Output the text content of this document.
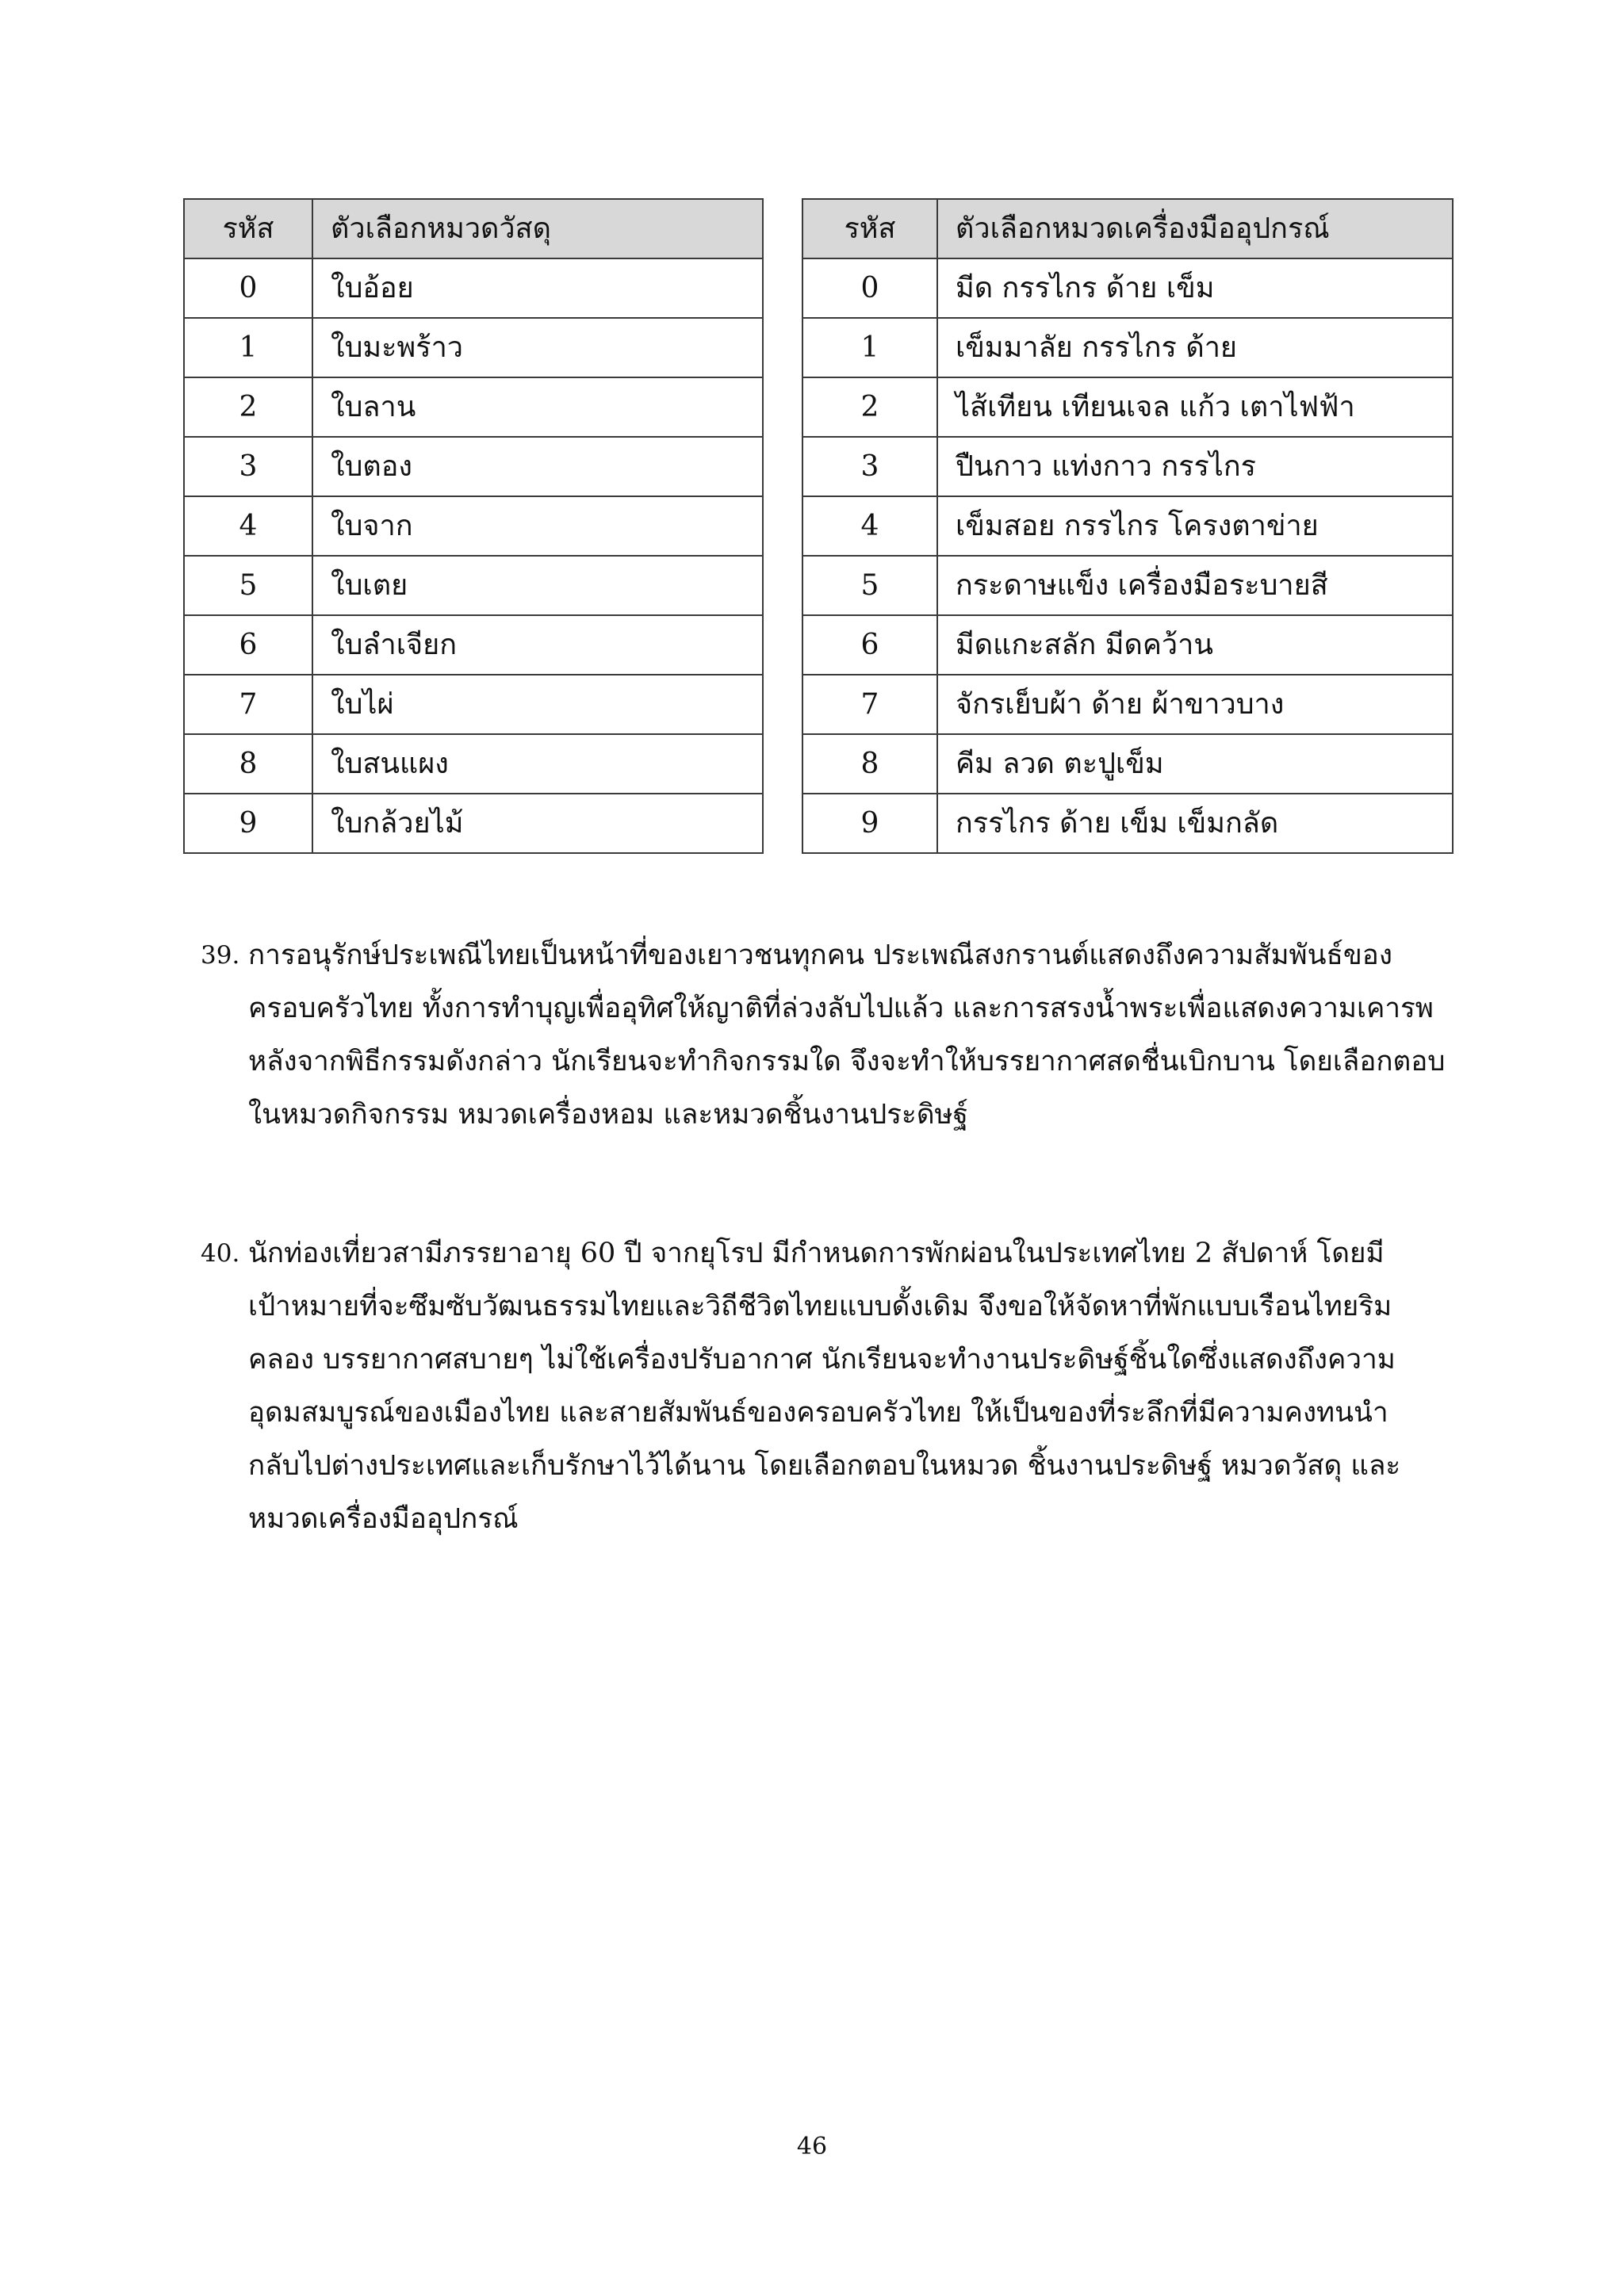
รหัส	ตัวเลือกหมวดวัสดุ
0	ใบอ้อย
1	ใบมะพร้าว
2	ใบลาน
3	ใบตอง
4	ใบจาก
5	ใบเตย
6	ใบลำเจียก
7	ใบไผ่
8	ใบสนแผง
9	ใบกล้วยไม้
รหัส	ตัวเลือกหมวดเครื่องมืออุปกรณ์
0	มีด กรรไกร ด้าย เข็ม
1	เข็มมาลัย กรรไกร ด้าย
2	ไส้เทียน เทียนเจล แก้ว เตาไฟฟ้า
3	ปืนกาว แท่งกาว กรรไกร
4	เข็มสอย กรรไกร โครงตาข่าย
5	กระดาษแข็ง เครื่องมือระบายสี
6	มีดแกะสลัก มีดคว้าน
7	จักรเย็บผ้า ด้าย ผ้าขาวบาง
8	คีม ลวด ตะปูเข็ม
9	กรรไกร ด้าย เข็ม เข็มกลัด
39. การอนุรักษ์ประเพณีไทยเป็นหน้าที่ของเยาวชนทุกคน ประเพณีสงกรานต์แสดงถึงความสัมพันธ์ของ
ครอบครัวไทย ทั้งการทำบุญเพื่ออุทิศให้ญาติที่ล่วงลับไปแล้ว และการสรงน้ำพระเพื่อแสดงความเคารพ
หลังจากพิธีกรรมดังกล่าว นักเรียนจะทำกิจกรรมใด จึงจะทำให้บรรยากาศสดชื่นเบิกบาน โดยเลือกตอบ
ในหมวดกิจกรรม หมวดเครื่องหอม และหมวดชิ้นงานประดิษฐ์
40. นักท่องเที่ยวสามีภรรยาอายุ 60 ปี จากยุโรป มีกำหนดการพักผ่อนในประเทศไทย 2 สัปดาห์ โดยมี
เป้าหมายที่จะซึมซับวัฒนธรรมไทยและวิถีชีวิตไทยแบบดั้งเดิม จึงขอให้จัดหาที่พักแบบเรือนไทยริม
คลอง บรรยากาศสบายๆ ไม่ใช้เครื่องปรับอากาศ นักเรียนจะทำงานประดิษฐ์ชิ้นใดซึ่งแสดงถึงความ
อุดมสมบูรณ์ของเมืองไทย และสายสัมพันธ์ของครอบครัวไทย ให้เป็นของที่ระลึกที่มีความคงทนนำ
กลับไปต่างประเทศและเก็บรักษาไว้ได้นาน โดยเลือกตอบในหมวด ชิ้นงานประดิษฐ์ หมวดวัสดุ และ
หมวดเครื่องมืออุปกรณ์
46
